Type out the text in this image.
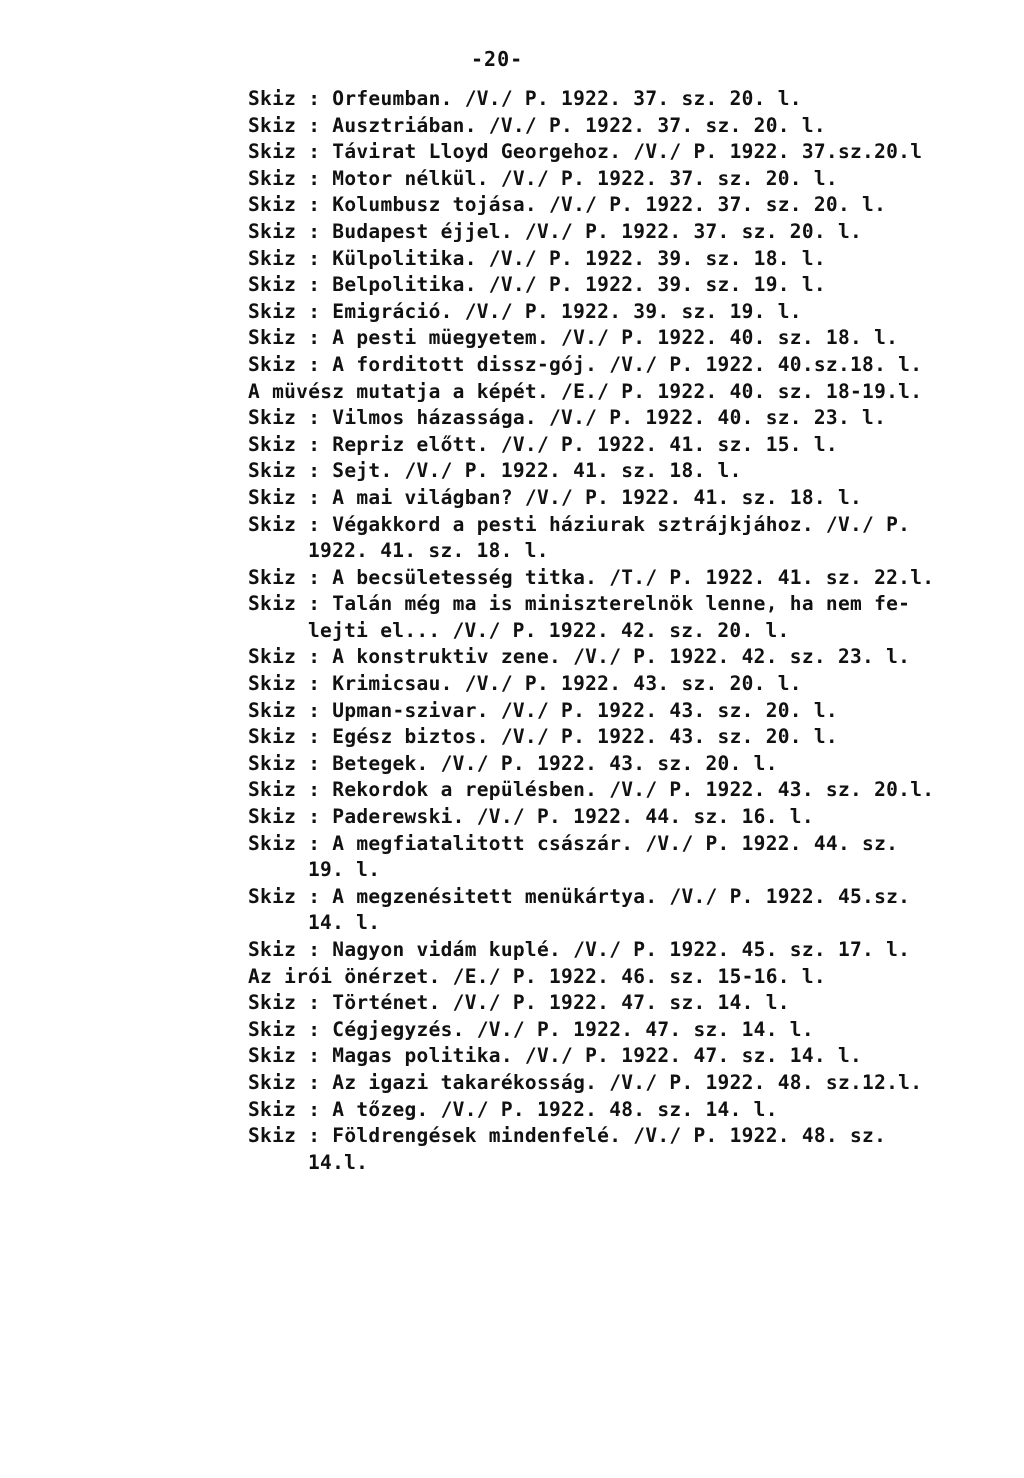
-20-
Skiz : Orfeumban. /V./ P. 1922. 37. sz. 20. l.
Skiz : Ausztriában. /V./ P. 1922. 37. sz. 20. l.
Skiz : Távirat Lloyd Georgehoz. /V./ P. 1922. 37.sz.20.l
Skiz : Motor nélkül. /V./ P. 1922. 37. sz. 20. l.
Skiz : Kolumbusz tojása. /V./ P. 1922. 37. sz. 20. l.
Skiz : Budapest éjjel. /V./ P. 1922. 37. sz. 20. l.
Skiz : Külpolitika. /V./ P. 1922. 39. sz. 18. l.
Skiz : Belpolitika. /V./ P. 1922. 39. sz. 19. l.
Skiz : Emigráció. /V./ P. 1922. 39. sz. 19. l.
Skiz : A pesti müegyetem. /V./ P. 1922. 40. sz. 18. l.
Skiz : A forditott dissz-gój. /V./ P. 1922. 40.sz.18. l.
A müvész mutatja a képét. /E./ P. 1922. 40. sz. 18-19.l.
Skiz : Vilmos házassága. /V./ P. 1922. 40. sz. 23. l.
Skiz : Repriz előtt. /V./ P. 1922. 41. sz. 15. l.
Skiz : Sejt. /V./ P. 1922. 41. sz. 18. l.
Skiz : A mai világban? /V./ P. 1922. 41. sz. 18. l.
Skiz : Végakkord a pesti háziurak sztrájkjához. /V./ P.
1922. 41. sz. 18. l.
Skiz : A becsületesség titka. /T./ P. 1922. 41. sz. 22.l.
Skiz : Talán még ma is miniszterelnök lenne, ha nem fe-
lejti el... /V./ P. 1922. 42. sz. 20. l.
Skiz : A konstruktiv zene. /V./ P. 1922. 42. sz. 23. l.
Skiz : Krimicsau. /V./ P. 1922. 43. sz. 20. l.
Skiz : Upman-szivar. /V./ P. 1922. 43. sz. 20. l.
Skiz : Egész biztos. /V./ P. 1922. 43. sz. 20. l.
Skiz : Betegek. /V./ P. 1922. 43. sz. 20. l.
Skiz : Rekordok a repülésben. /V./ P. 1922. 43. sz. 20.l.
Skiz : Paderewski. /V./ P. 1922. 44. sz. 16. l.
Skiz : A megfiatalitott császár. /V./ P. 1922. 44. sz.
19. l.
Skiz : A megzenésitett menükártya. /V./ P. 1922. 45.sz.
14. l.
Skiz : Nagyon vidám kuplé. /V./ P. 1922. 45. sz. 17. l.
Az irói önérzet. /E./ P. 1922. 46. sz. 15-16. l.
Skiz : Történet. /V./ P. 1922. 47. sz. 14. l.
Skiz : Cégjegyzés. /V./ P. 1922. 47. sz. 14. l.
Skiz : Magas politika. /V./ P. 1922. 47. sz. 14. l.
Skiz : Az igazi takarékosság. /V./ P. 1922. 48. sz.12.l.
Skiz : A tőzeg. /V./ P. 1922. 48. sz. 14. l.
Skiz : Földrengések mindenfelé. /V./ P. 1922. 48. sz.
14.l.
